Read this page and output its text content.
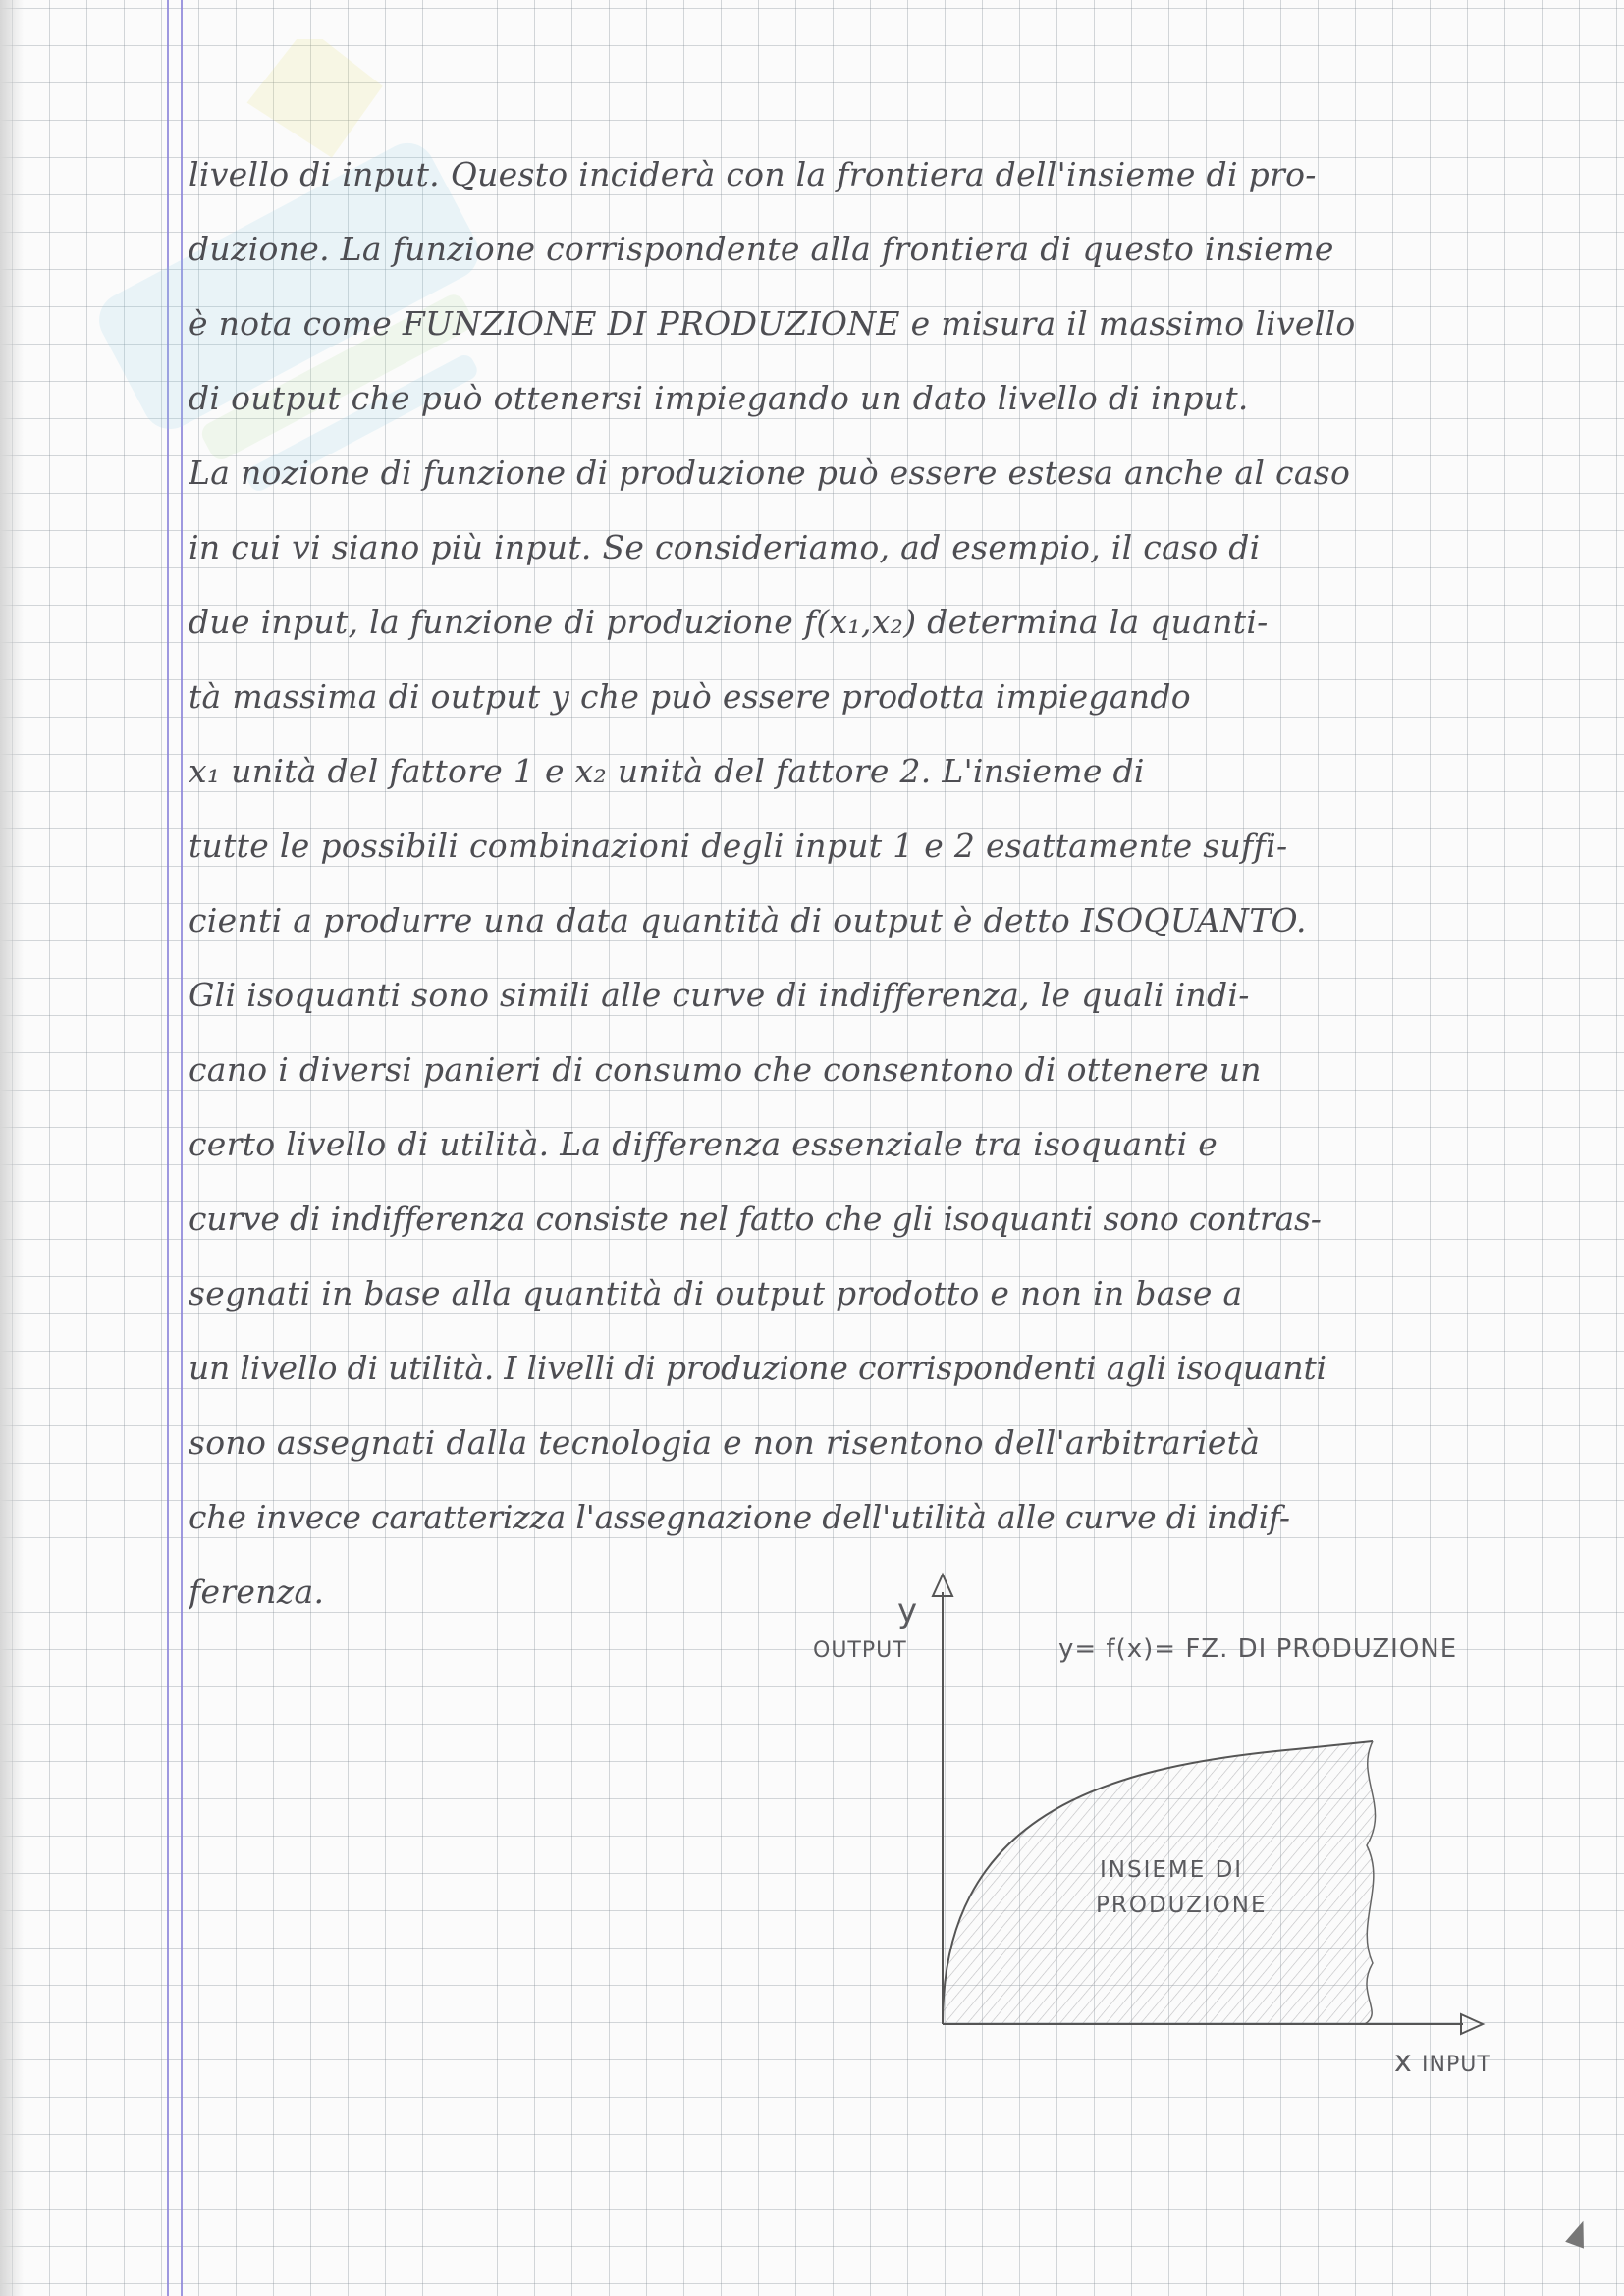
livello di input. Questo inciderà con la frontiera dell'insieme di pro-
duzione. La funzione corrispondente alla frontiera di questo insieme
è nota come FUNZIONE DI PRODUZIONE e misura il massimo livello
di output che può ottenersi impiegando un dato livello di input.
La nozione di funzione di produzione può essere estesa anche al caso
in cui vi siano più input. Se consideriamo, ad esempio, il caso di
due input, la funzione di produzione f(x₁,x₂) determina la quanti-
tà massima di output y che può essere prodotta impiegando
x₁ unità del fattore 1 e x₂ unità del fattore 2. L'insieme di
tutte le possibili combinazioni degli input 1 e 2 esattamente suffi-
cienti a produrre una data quantità di output è detto ISOQUANTO.
Gli isoquanti sono simili alle curve di indifferenza, le quali indi-
cano i diversi panieri di consumo che consentono di ottenere un
certo livello di utilità. La differenza essenziale tra isoquanti e
curve di indifferenza consiste nel fatto che gli isoquanti sono contras-
segnati in base alla quantità di output prodotto e non in base a
un livello di utilità. I livelli di produzione corrispondenti agli isoquanti
sono assegnati dalla tecnologia e non risentono dell'arbitrarietà
che invece caratterizza l'assegnazione dell'utilità alle curve di indif-
ferenza.	y
OUTPUT	y= f(x)= FZ. DI PRODUZIONE
INSIEME DI
PRODUZIONE
x INPUT
